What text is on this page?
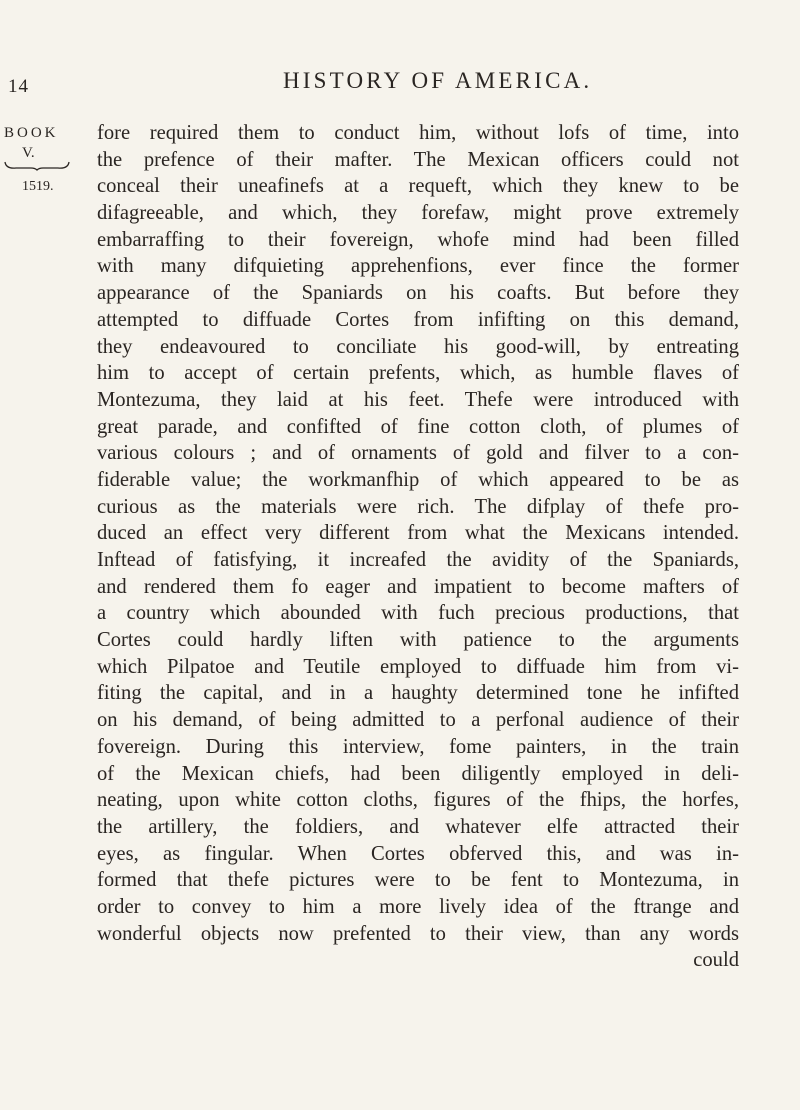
14	HISTORY OF AMERICA.
BOOK
V.
1519.
fore required them to conduct him, without lofs of time, into
the prefence of their mafter. The Mexican officers could not
conceal their uneafinefs at a requeft, which they knew to be
difagreeable, and which, they forefaw, might prove extremely
embarraffing to their fovereign, whofe mind had been filled
with many difquieting apprehenfions, ever fince the former
appearance of the Spaniards on his coafts. But before they
attempted to diffuade Cortes from infifting on this demand,
they endeavoured to conciliate his good-will, by entreating
him to accept of certain prefents, which, as humble flaves of
Montezuma, they laid at his feet. Thefe were introduced with
great parade, and confifted of fine cotton cloth, of plumes of
various colours ; and of ornaments of gold and filver to a con-
fiderable value; the workmanfhip of which appeared to be as
curious as the materials were rich. The difplay of thefe pro-
duced an effect very different from what the Mexicans intended.
Inftead of fatisfying, it increafed the avidity of the Spaniards,
and rendered them fo eager and impatient to become mafters of
a country which abounded with fuch precious productions, that
Cortes could hardly liften with patience to the arguments
which Pilpatoe and Teutile employed to diffuade him from vi-
fiting the capital, and in a haughty determined tone he infifted
on his demand, of being admitted to a perfonal audience of their
fovereign. During this interview, fome painters, in the train
of the Mexican chiefs, had been diligently employed in deli-
neating, upon white cotton cloths, figures of the fhips, the horfes,
the artillery, the foldiers, and whatever elfe attracted their
eyes, as fingular. When Cortes obferved this, and was in-
formed that thefe pictures were to be fent to Montezuma, in
order to convey to him a more lively idea of the ftrange and
wonderful objects now prefented to their view, than any words
could
